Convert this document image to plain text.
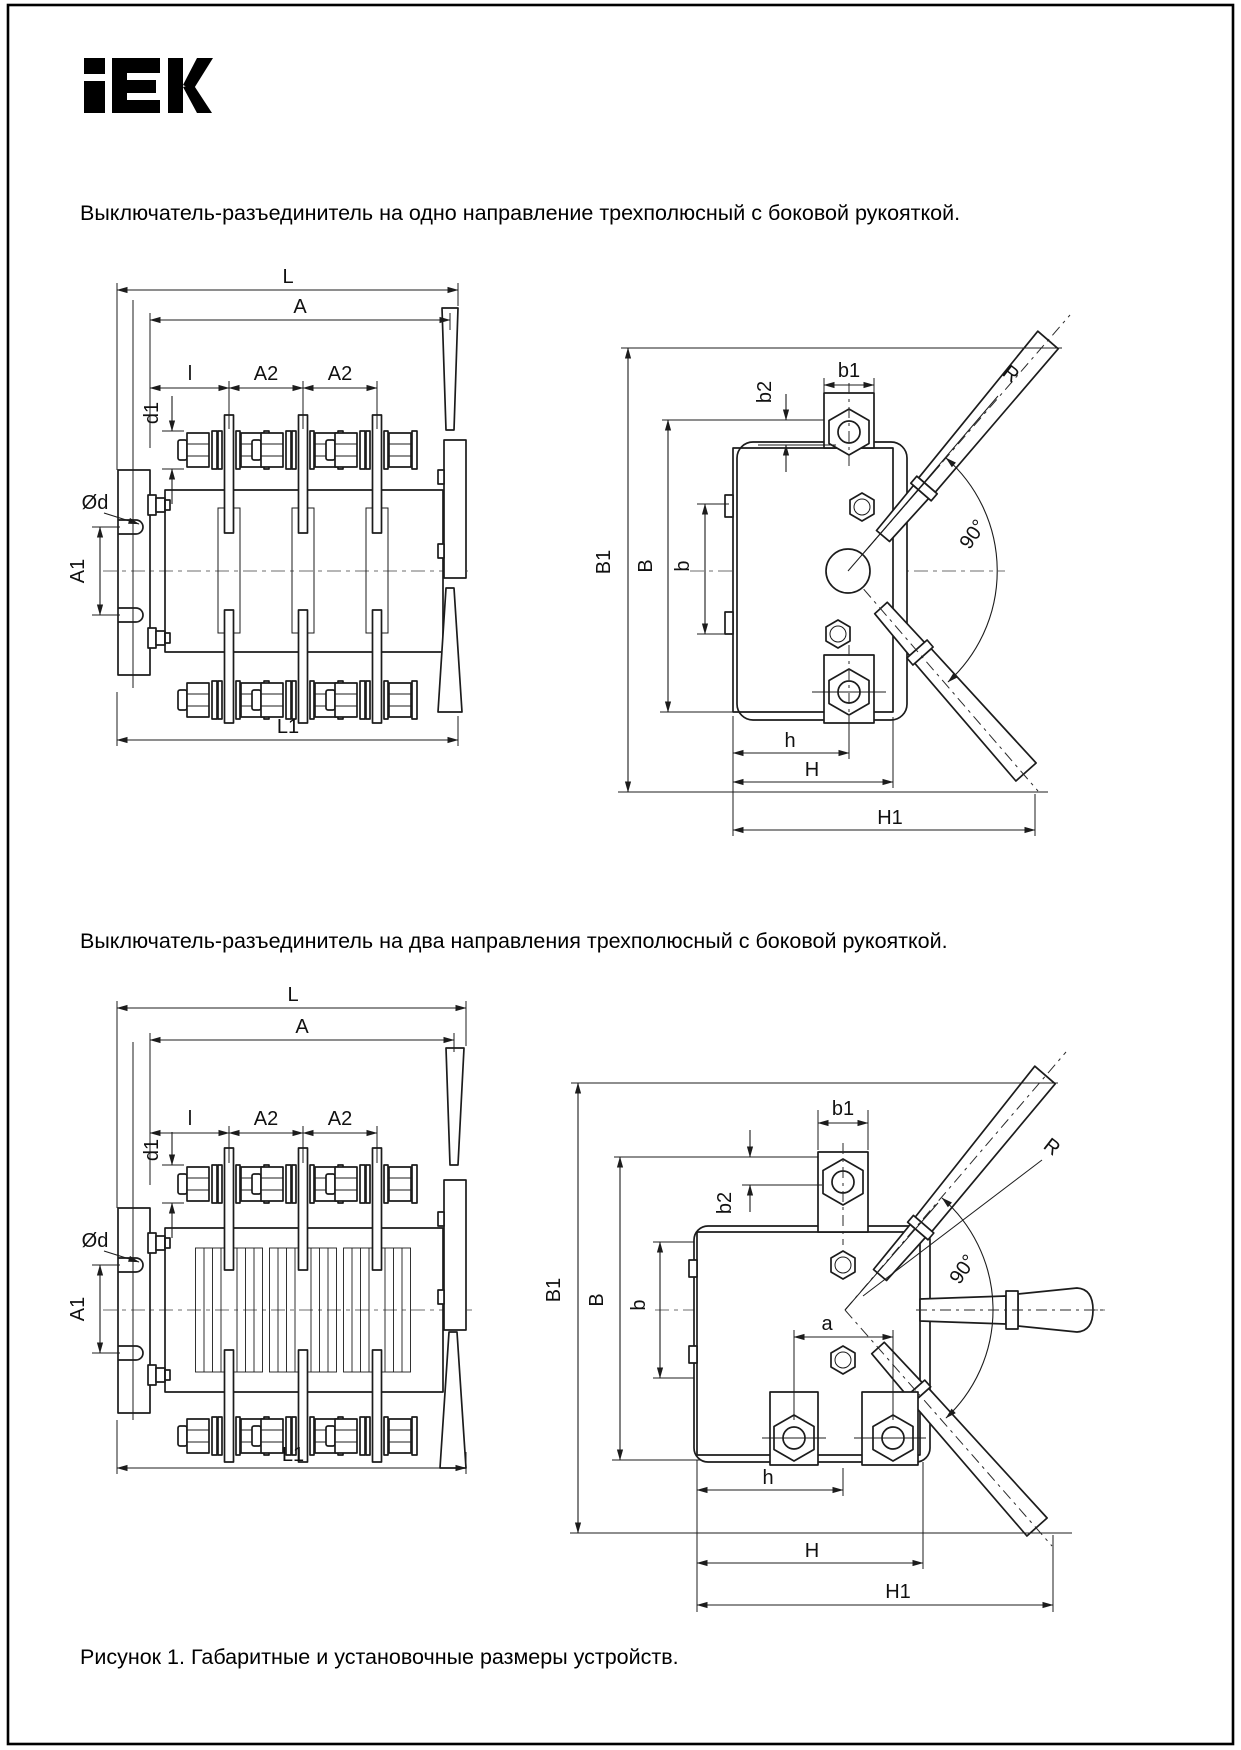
Выключатель-разъединитель на одно направление трехполюсный с боковой рукояткой.
Выключатель-разъединитель на два направления трехполюсный с боковой рукояткой.
Рисунок 1. Габаритные и установочные размеры устройств.
L
A
l	A2 A2
d1
Ød
A1
L1
90°
R
b1
b2
B1 B b
h
H
H1
L
A
l	A2 A2
d1
Ød
A1
L1
90°
R
b1
b2
B1 B b
a
h
H
H1
